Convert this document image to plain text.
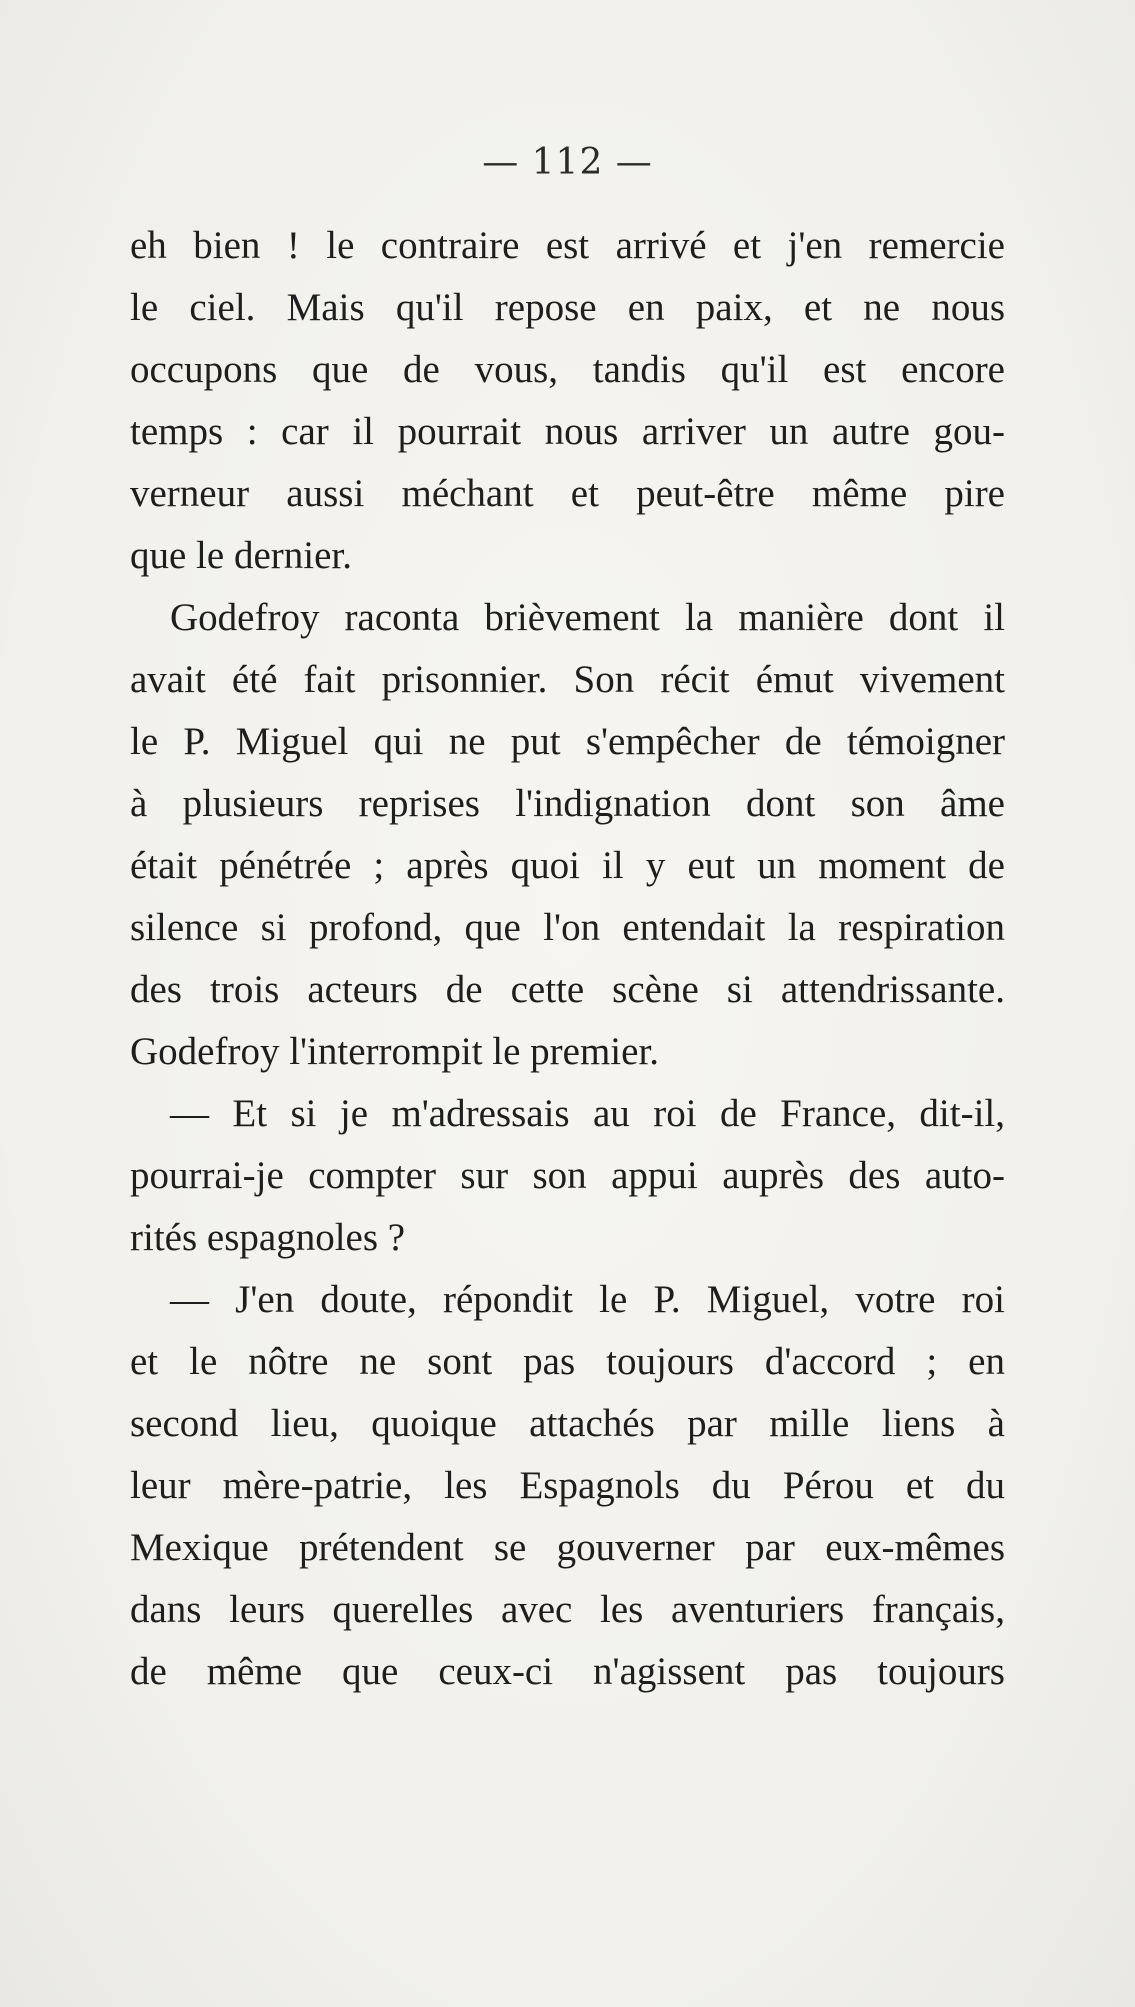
— 112 —
eh bien ! le contraire est arrivé et j'en remercie
le ciel. Mais qu'il repose en paix, et ne nous
occupons que de vous, tandis qu'il est encore
temps : car il pourrait nous arriver un autre gou-
verneur aussi méchant et peut-être même pire
que le dernier.
Godefroy raconta brièvement la manière dont il
avait été fait prisonnier. Son récit émut vivement
le P. Miguel qui ne put s'empêcher de témoigner
à plusieurs reprises l'indignation dont son âme
était pénétrée ; après quoi il y eut un moment de
silence si profond, que l'on entendait la respiration
des trois acteurs de cette scène si attendrissante.
Godefroy l'interrompit le premier.
— Et si je m'adressais au roi de France, dit-il,
pourrai-je compter sur son appui auprès des auto-
rités espagnoles ?
— J'en doute, répondit le P. Miguel, votre roi
et le nôtre ne sont pas toujours d'accord ; en
second lieu, quoique attachés par mille liens à
leur mère-patrie, les Espagnols du Pérou et du
Mexique prétendent se gouverner par eux-mêmes
dans leurs querelles avec les aventuriers français,
de même que ceux-ci n'agissent pas toujours
